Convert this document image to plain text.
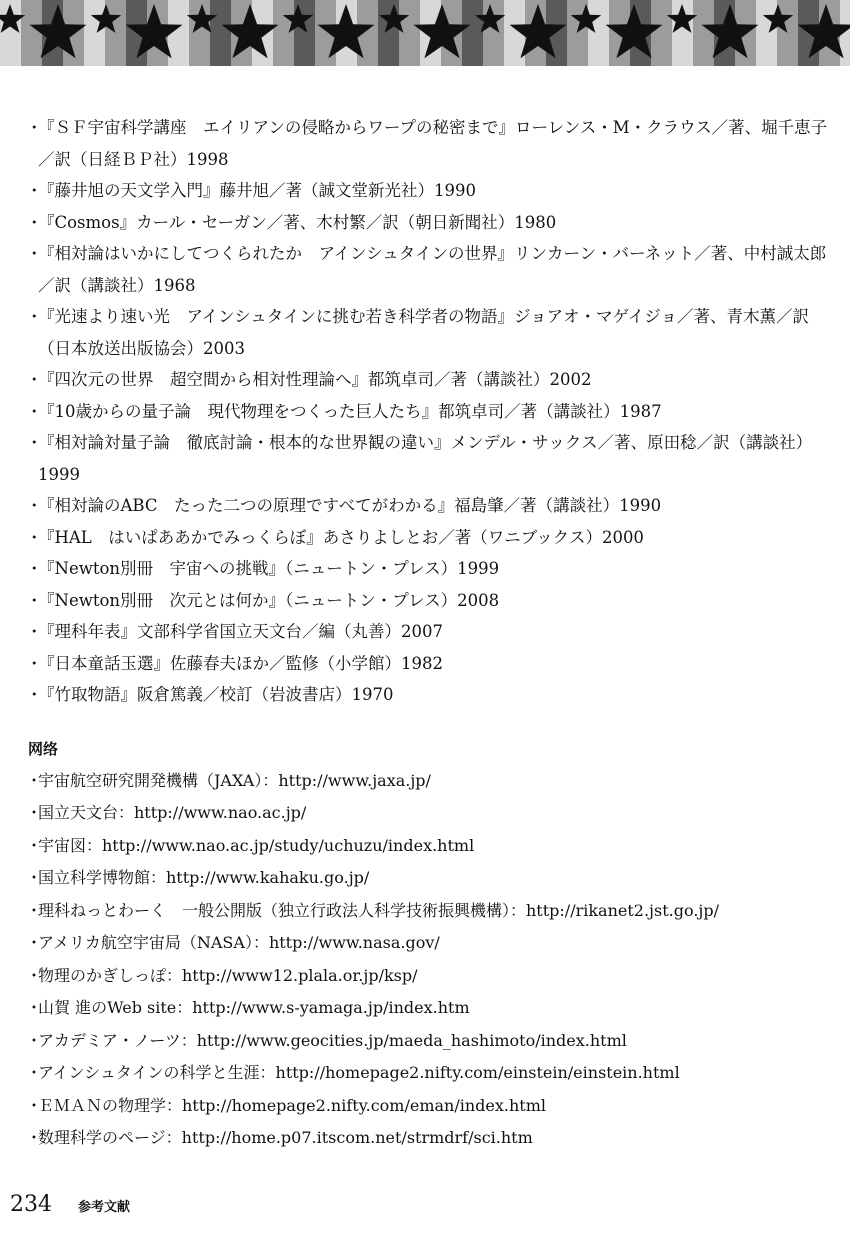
・『ＳＦ宇宙科学講座　エイリアンの侵略からワープの秘密まで』ローレンス・M・クラウス／著、堀千恵子／訳（日経ＢＰ社）1998
・『藤井旭の天文学入門』藤井旭／著（誠文堂新光社）1990
・『Cosmos』カール・セーガン／著、木村繁／訳（朝日新聞社）1980
・『相対論はいかにしてつくられたか　アインシュタインの世界』リンカーン・バーネット／著、中村誠太郎／訳（講談社）1968
・『光速より速い光　アインシュタインに挑む若き科学者の物語』ジョアオ・マゲイジョ／著、青木薫／訳（日本放送出版協会）2003
・『四次元の世界　超空間から相対性理論へ』都筑卓司／著（講談社）2002
・『10歳からの量子論　現代物理をつくった巨人たち』都筑卓司／著（講談社）1987
・『相対論対量子論　徹底討論・根本的な世界観の違い』メンデル・サックス／著、原田稔／訳（講談社）1999
・『相対論のABC　たった二つの原理ですべてがわかる』福島肇／著（講談社）1990
・『HAL　はいぱああかでみっくらぼ』あさりよしとお／著（ワニブックス）2000
・『Newton別冊　宇宙への挑戦』（ニュートン・プレス）1999
・『Newton別冊　次元とは何か』（ニュートン・プレス）2008
・『理科年表』文部科学省国立天文台／編（丸善）2007
・『日本童話玉選』佐藤春夫ほか／監修（小学館）1982
・『竹取物語』阪倉篤義／校訂（岩波書店）1970
网络
・宇宙航空研究開発機構（JAXA）：http://www.jaxa.jp/
・国立天文台：http://www.nao.ac.jp/
・宇宙図：http://www.nao.ac.jp/study/uchuzu/index.html
・国立科学博物館：http://www.kahaku.go.jp/
・理科ねっとわーく　一般公開版（独立行政法人科学技術振興機構）：http://rikanet2.jst.go.jp/
・アメリカ航空宇宙局（NASA）：http://www.nasa.gov/
・物理のかぎしっぽ：http://www12.plala.or.jp/ksp/
・山賀 進のWeb site：http://www.s-yamaga.jp/index.htm
・アカデミア・ノーツ：http://www.geocities.jp/maeda_hashimoto/index.html
・アインシュタインの科学と生涯：http://homepage2.nifty.com/einstein/einstein.html
・ＥＭＡＮの物理学：http://homepage2.nifty.com/eman/index.html
・数理科学のページ：http://home.p07.itscom.net/strmdrf/sci.htm
234 参考文献
